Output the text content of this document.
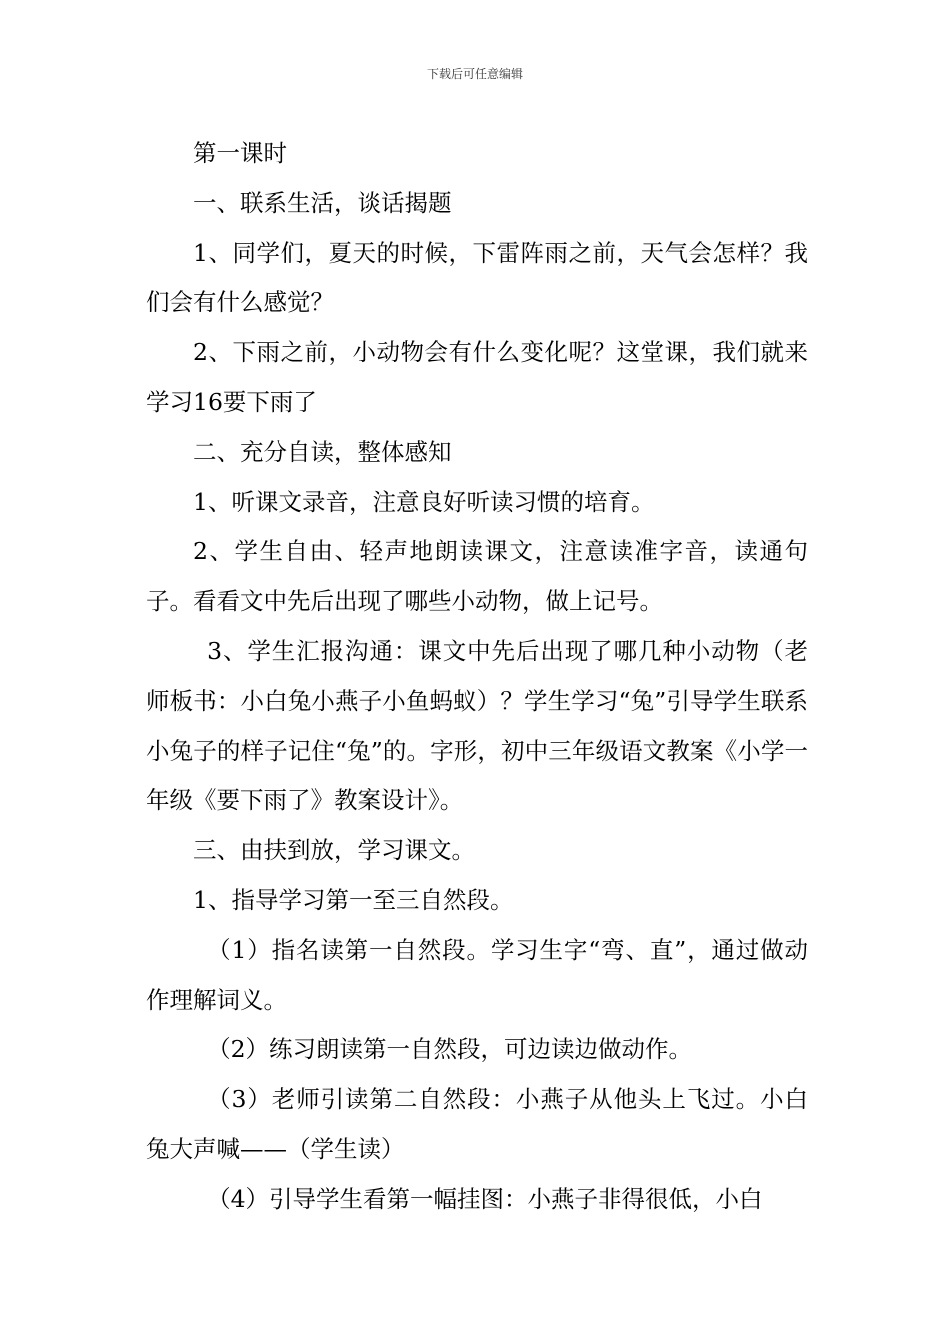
下载后可任意编辑

第一课时

一、联系生活，谈话揭题

1、同学们，夏天的时候，下雷阵雨之前，天气会怎样？我们会有什么感觉？

2、下雨之前，小动物会有什么变化呢？这堂课，我们就来学习16要下雨了

二、充分自读，整体感知

1、听课文录音，注意良好听读习惯的培育。

2、学生自由、轻声地朗读课文，注意读准字音，读通句子。看看文中先后出现了哪些小动物，做上记号。

3、学生汇报沟通：课文中先后出现了哪几种小动物（老师板书：小白兔小燕子小鱼蚂蚁）？学生学习“兔”引导学生联系小兔子的样子记住“兔”的。字形，初中三年级语文教案《小学一年级《要下雨了》教案设计》。

三、由扶到放，学习课文。

1、指导学习第一至三自然段。

（1）指名读第一自然段。学习生字“弯、直”，通过做动作理解词义。

（2）练习朗读第一自然段，可边读边做动作。

（3）老师引读第二自然段：小燕子从他头上飞过。小白兔大声喊——（学生读）

（4）引导学生看第一幅挂图：小燕子非得很低，小白
